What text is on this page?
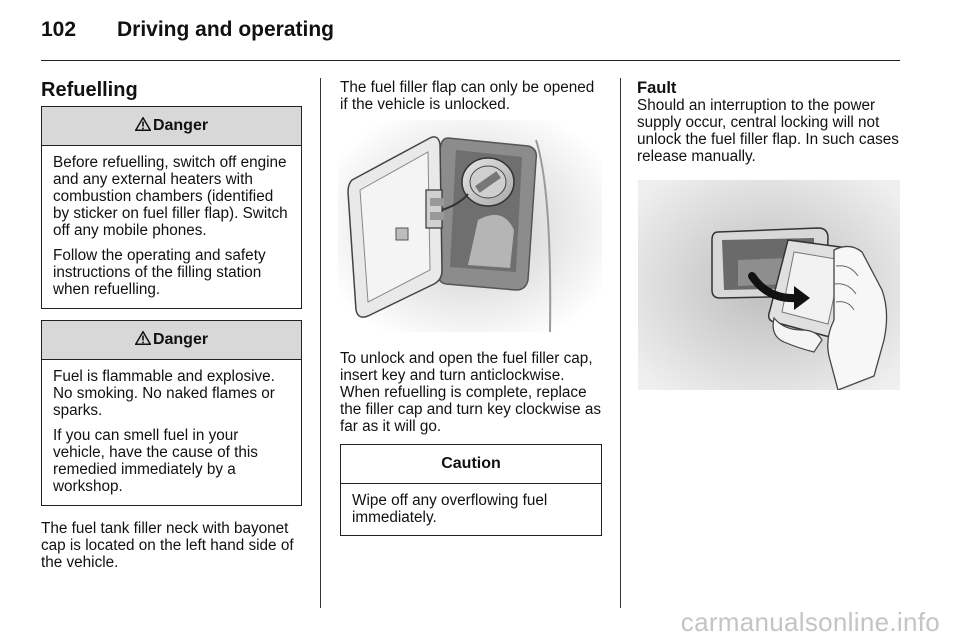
102 Driving and operating
Refuelling
Danger

Before refuelling, switch off engine and any external heaters with combustion chambers (identified by sticker on fuel filler flap). Switch off any mobile phones.

Follow the operating and safety instructions of the filling station when refuelling.

Danger

Fuel is flammable and explosive. No smoking. No naked flames or sparks.

If you can smell fuel in your vehicle, have the cause of this remedied immediately by a workshop.

The fuel tank filler neck with bayonet cap is located on the left hand side of the vehicle.

The fuel filler flap can only be opened if the vehicle is unlocked.

To unlock and open the fuel filler cap, insert key and turn anticlockwise. When refuelling is complete, replace the filler cap and turn key clockwise as far as it will go.

Caution

Wipe off any overflowing fuel immediately.

Fault

Should an interruption to the power supply occur, central locking will not unlock the fuel filler flap. In such cases release manually.

carmanualsonline.info
